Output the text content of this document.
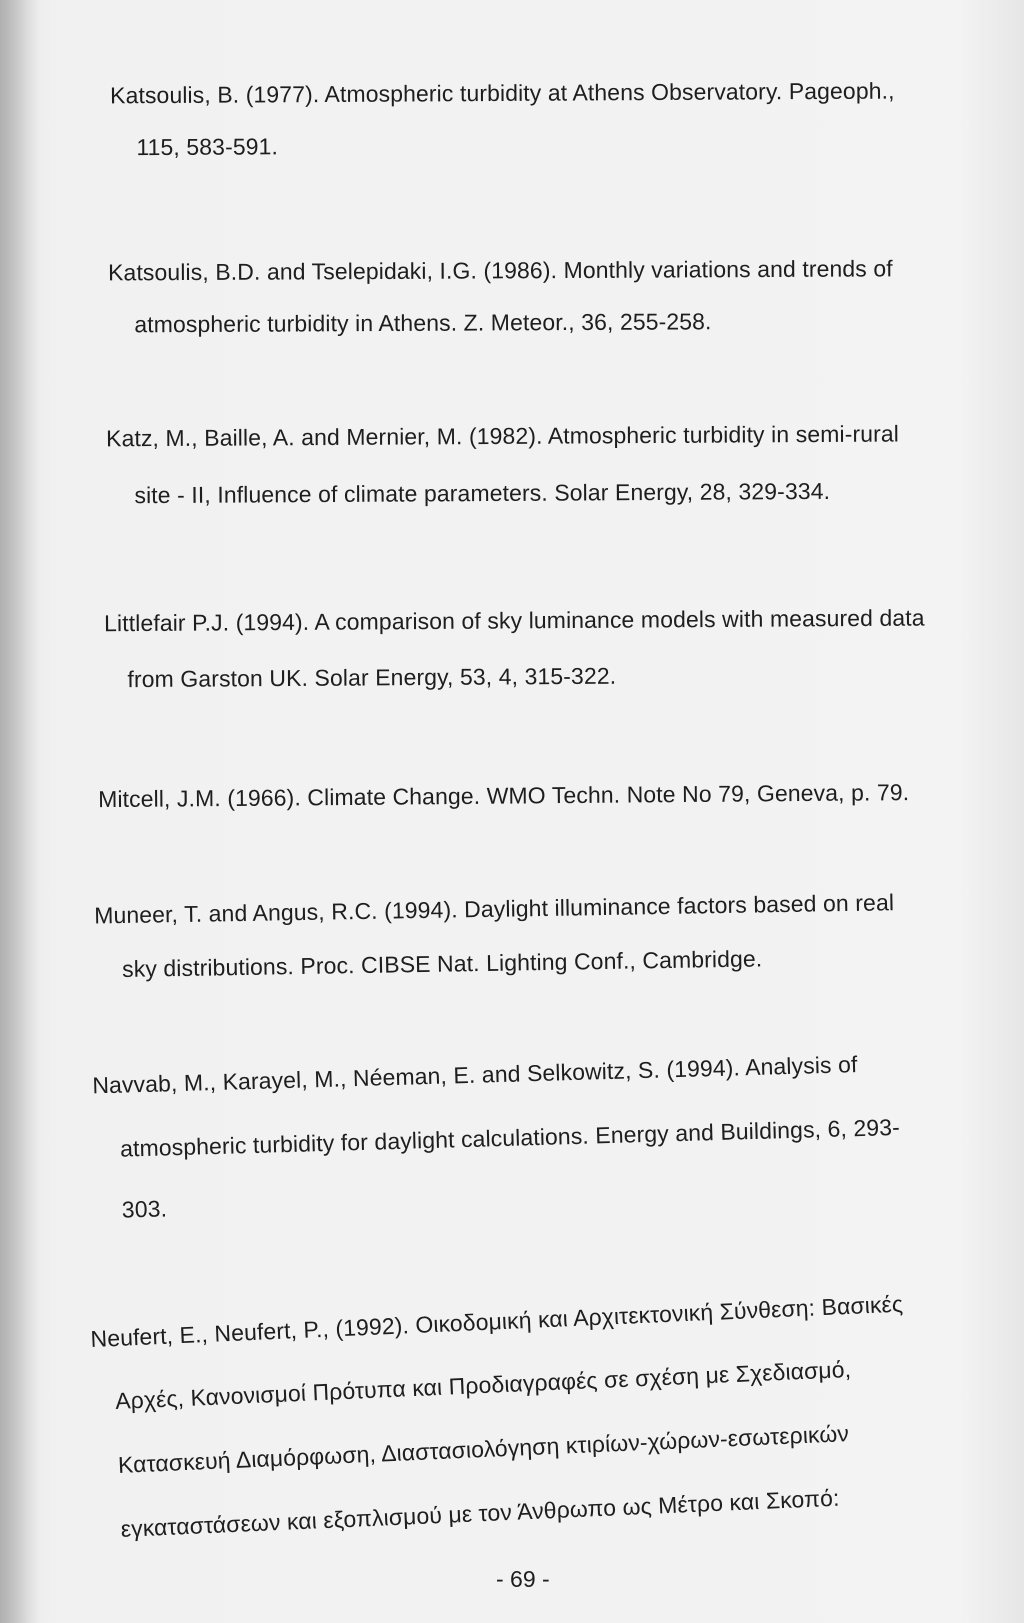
Katsoulis, B. (1977). Atmospheric turbidity at Athens Observatory. Pageoph.,
115, 583-591.
Katsoulis, B.D. and Tselepidaki, I.G. (1986). Monthly variations and trends of
atmospheric turbidity in Athens. Z. Meteor., 36, 255-258.
Katz, M., Baille, A. and Mernier, M. (1982). Atmospheric turbidity in semi-rural
site - II, Influence of climate parameters. Solar Energy, 28, 329-334.
Littlefair P.J. (1994). A comparison of sky luminance models with measured data
from Garston UK. Solar Energy, 53, 4, 315-322.
Mitcell, J.M. (1966). Climate Change. WMO Techn. Note No 79, Geneva, p. 79.
Muneer, T. and Angus, R.C. (1994). Daylight illuminance factors based on real
sky distributions. Proc. CIBSE Nat. Lighting Conf., Cambridge.
Navvab, M., Karayel, M., Néeman, E. and Selkowitz, S. (1994). Analysis of
atmospheric turbidity for daylight calculations. Energy and Buildings, 6, 293-
303.
Neufert, E., Neufert, P., (1992). Οικοδομική και Αρχιτεκτονική Σύνθεση: Βασικές
Αρχές, Κανονισμοί Πρότυπα και Προδιαγραφές σε σχέση με Σχεδιασμό,
Κατασκευή Διαμόρφωση, Διαστασιολόγηση κτιρίων-χώρων-εσωτερικών
εγκαταστάσεων και εξοπλισμού με τον Άνθρωπο ως Μέτρο και Σκοπό:
- 69 -
